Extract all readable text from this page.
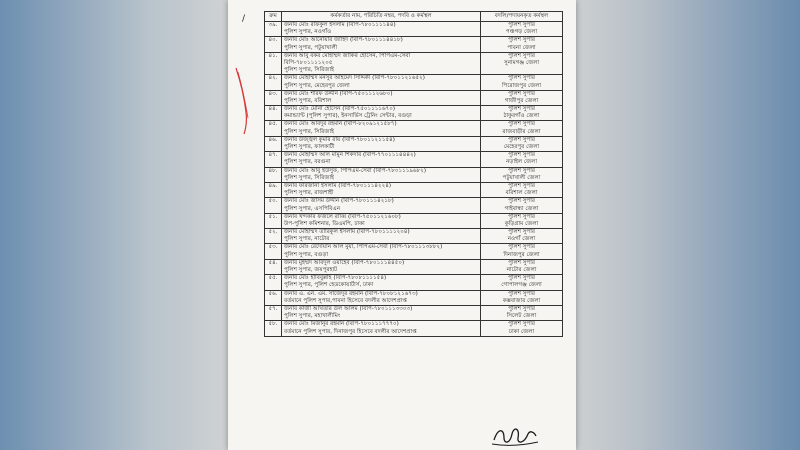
/	ক্রম	কর্মকর্তার নাম, পরিচিতি নম্বর, পদবি ও কর্মস্থল	বদলি/পদায়নকৃত কর্মস্থল

৩৯.	জনাব মোঃ রফিকুল ইসলাম (বিপি-৭৮০১১১১৪৪)
পুলিশ সুপার, নওগাঁও	পুলিশ সুপার
পঞ্চগড় জেলা

৪০.	জনাব মোঃ আনোয়ার জাহিদ (বিপি-৭৮০১১১৪৪১৮)
পুলিশ সুপার, পটুয়াখালী	পুলিশ সুপার
পাবনা জেলা

৪১.	জনাব আবু বকর মোহাম্মদ জাকির হোসেন, পিপিএম-সেবা
বিপি-৭৮০১১১১২০৫
পুলিশ সুপার, সিরিজাই	পুলিশ সুপার
সুনামগঞ্জ জেলা

৪২.	জনাব মোহাম্মদ মনসুর আহমেদ সিদ্দিকী (বিপি-৭৮০১১২১৬৫২)
পুলিশ সুপার, মেহেরপুর জেলা	পুলিশ সুপার
পিরোজপুর জেলা

৪৩.	জনাব মোঃ শরিফ উদ্দীন (বিপি-৭৫০১১১২৬৮০)
পুলিশ সুপার, বরিশাল	পুলিশ সুপার
গাজীপুর জেলা

৪৪.	জনাব মোঃ মোনা হোসেন (বিপি-৭৫০১১১১৬৭০)
কমান্ড্যান্ট (পুলিশ সুপার), ইনসার্ভিস ট্রেনিং সেন্টার, বগুড়া	পুলিশ সুপার
ঠাকুরগাঁও জেলা

৪৫.	জনাব মোঃ আবদুর রহমান (বিপি-৮২০৯১২১৫৮৭)
পুলিশ সুপার, সিরিজাই	পুলিশ সুপার
রাজবাড়ীর জেলা

৪৬.	জনাব উজ্জ্বল কুমার রায় (বিপি-৭৮০১১২১১৫৪)
পুলিশ সুপার, ফালকাটী	পুলিশ সুপার
মেহেরপুর জেলা

৪৭.	জনাব মোহাম্মদ আল মামুন শিকদার (বিপি-৭৭০১১১৪৪৪২)
পুলিশ সুপার, বরগুনা	পুলিশ সুপার
নড়াইল জেলা

৪৮.	জনাব মোঃ আবু ইউসুফ, পিপিএম-সেবা (বিপি-৭৮০১১১৯৬৮২)
পুলিশ সুপার, সিরিজাই	পুলিশ সুপার
পটুয়াখালী জেলা

৪৯.	জনাব ফারজানা ইসলাম (বিপি-৭৮০১১১৪২২৪)
পুলিশ সুপার, রাজশাহী	পুলিশ সুপার
বরিশাল জেলা

৫০.	জনাব মোঃ জসিম উদ্দীন (বিপি-৭৮০১১১৪২১৮)
পুলিশ সুপার, এসপিবিএন	পুলিশ সুপার
গাইবান্ধা জেলা

৫১.	জনাব খন্দকার ফজলে রাব্বি (বিপি-৭৫০১১২১৬০৮)
উপ-পুলিশ কমিশনার, ডিএমপি, ঢাকা	পুলিশ সুপার
কুড়িগ্রাম জেলা

৫২.	জনাব মোহাম্মদ তারিকুল ইসলাম (বিপি-৭৮০১১১১২০৪)
পুলিশ সুপার, নাটোর	পুলিশ সুপার
নওগাঁ জেলা

৫৩.	জনাব মোঃ রেদোয়ান আল মুয়া, পিপিএম-সেবা (বিপি-৭৮০১১১৩৮৮২)
পুলিশ সুপার, বগুড়া	পুলিশ সুপার
দিনাজপুর জেলা

৫৪.	জনাব মুহম্মদ আবদুল ওয়াহেব (বিপি-৭৮০১১১৪৪৫০)
পুলিশ সুপার, জয়পুরহাট	পুলিশ সুপার
নাটোর জেলা

৫৫.	জনাব মোঃ হাবিবুল্লাহ (বিপি-৭৮০৮১১১১৫৪)
পুলিশ সুপার, পুলিশ হেডকোয়ার্টার্স, ঢাকা	পুলিশ সুপার
গোপালগঞ্জ জেলা

৫৬.	জনাব এ. এন. এম. সাজেদুর রহমান (বিপি-৭৮০৮১২১৬৭৩)
বর্তমানে পুলিশ সুপার,পাবনা হিসেবে বদলীর আদেশপ্রাপ্ত	পুলিশ সুপার
কক্সবাজার জেলা

৫৭.	জনাব কাজী আখতার উল আলম (বিপি-৭৮০১১১৩৩০৩)
পুলিশ সুপার, মহাখালীমিং	পুলিশ সুপার
সিলেট জেলা

৫৮.	জনাব মোঃ মিজানুর রহমান (বিপি-৭৮০১১১৭৭৭০)
বর্তমানে পুলিশ সুপার, দিনাজপুর হিসেবে বদলীর আদেশপ্রাপ্ত	পুলিশ সুপার
ঢাকা জেলা
